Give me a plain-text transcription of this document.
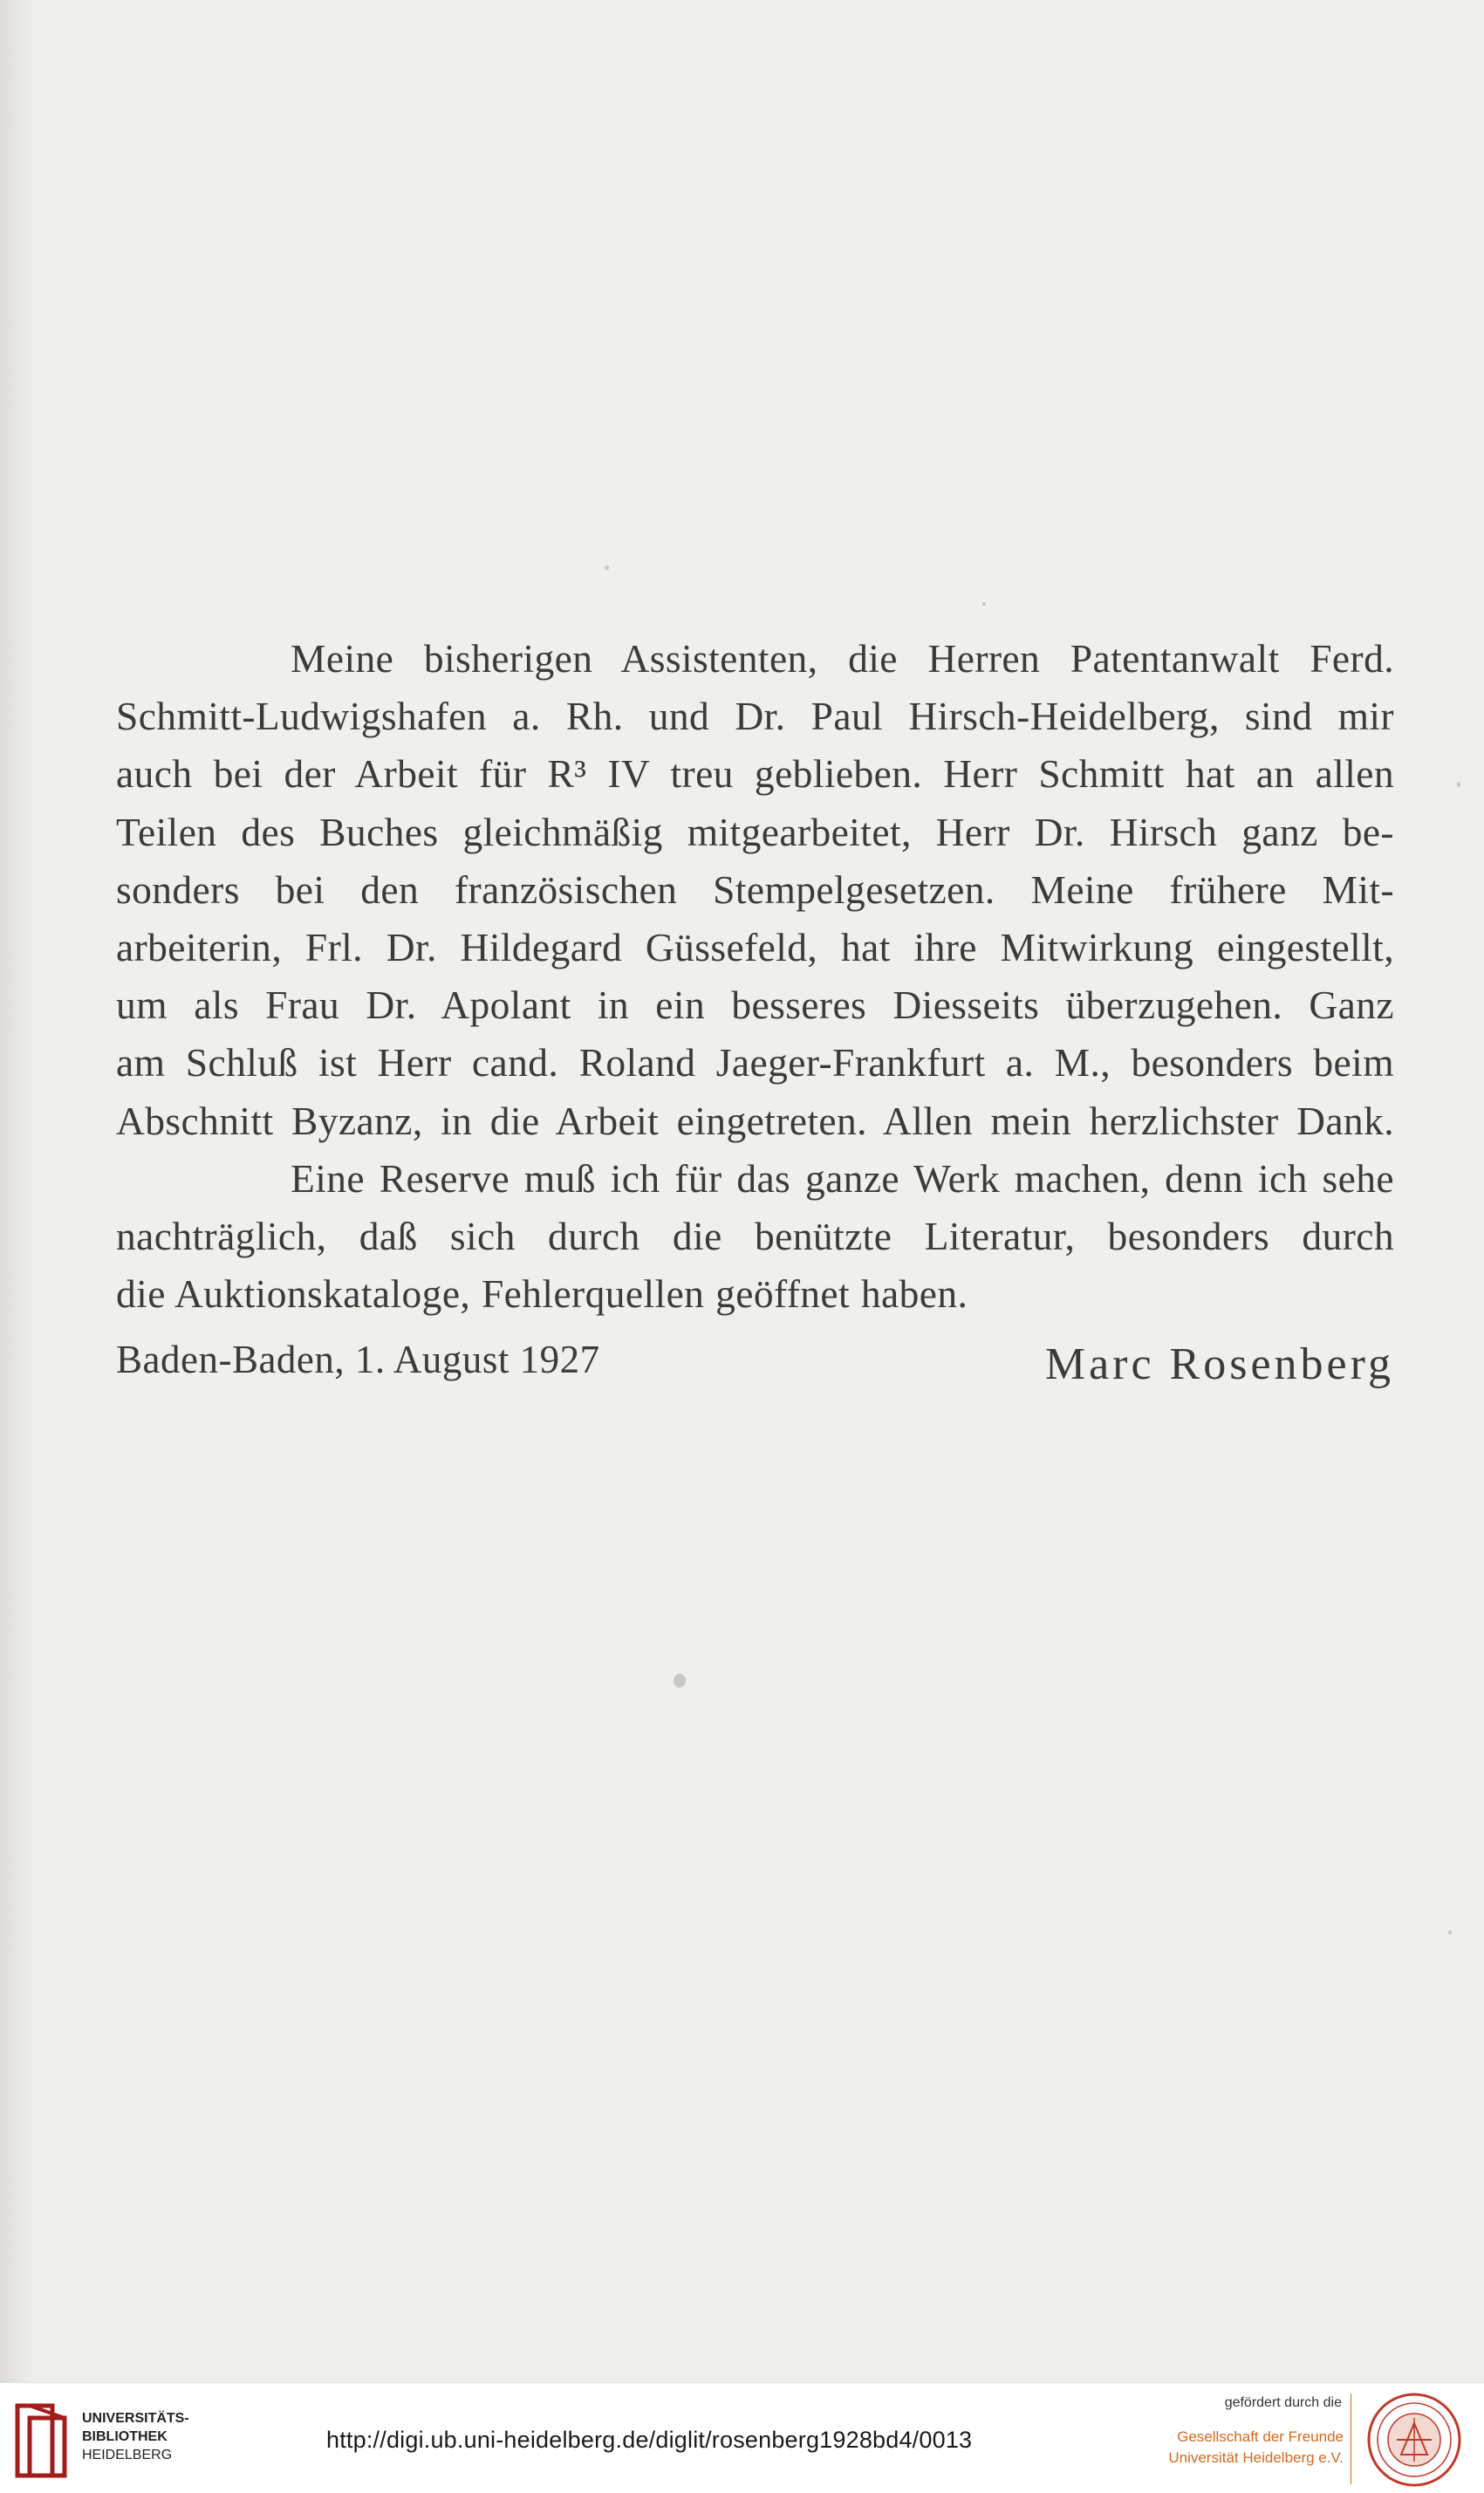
Meine bisherigen Assistenten, die Herren Patentanwalt Ferd.
Schmitt-Ludwigshafen a. Rh. und Dr. Paul Hirsch-Heidelberg, sind mir
auch bei der Arbeit für R³ IV treu geblieben. Herr Schmitt hat an allen
Teilen des Buches gleichmäßig mitgearbeitet, Herr Dr. Hirsch ganz be-
sonders bei den französischen Stempelgesetzen. Meine frühere Mit-
arbeiterin, Frl. Dr. Hildegard Güssefeld, hat ihre Mitwirkung eingestellt,
um als Frau Dr. Apolant in ein besseres Diesseits überzugehen. Ganz
am Schluß ist Herr cand. Roland Jaeger-Frankfurt a. M., besonders beim
Abschnitt Byzanz, in die Arbeit eingetreten. Allen mein herzlichster Dank.
Eine Reserve muß ich für das ganze Werk machen, denn ich sehe
nachträglich, daß sich durch die benützte Literatur, besonders durch
die Auktionskataloge, Fehlerquellen geöffnet haben.
Baden-Baden, 1. August 1927	Marc Rosenberg
UNIVERSITÄTS-
BIBLIOTHEK
HEIDELBERG
http://digi.ub.uni-heidelberg.de/diglit/rosenberg1928bd4/0013
gefördert durch die
Gesellschaft der Freunde
Universität Heidelberg e.V.
